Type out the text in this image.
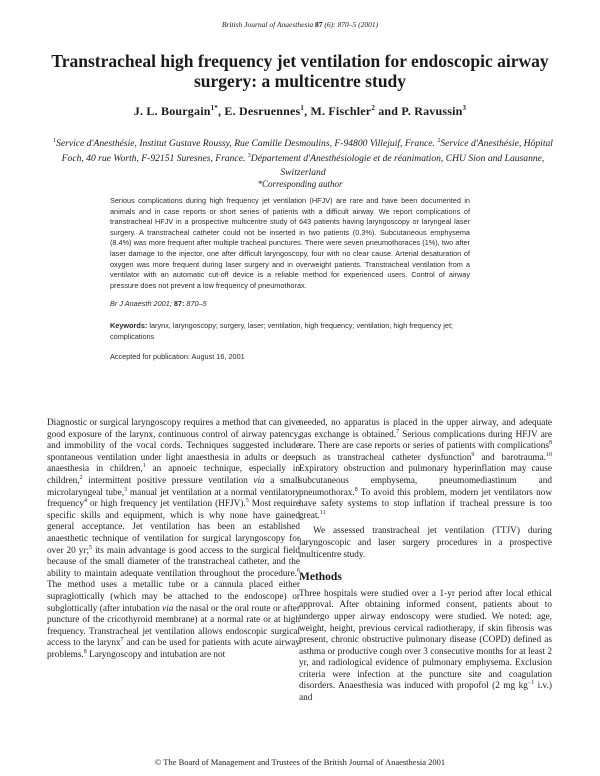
British Journal of Anaesthesia 87 (6): 870–5 (2001)
Transtracheal high frequency jet ventilation for endoscopic airway surgery: a multicentre study
J. L. Bourgain$^{1*}$, E. Desruennes$^1$, M. Fischler$^2$ and P. Ravussin$^3$
$^1$Service d'Anesthésie, Institut Gustave Roussy, Rue Camille Desmoulins, F-94800 Villejuif, France. $^2$Service d'Anesthésie, Hôpital Foch, 40 rue Worth, F-92151 Suresnes, France. $^3$Département d'Anesthésiologie et de réanimation, CHU Sion and Lausanne, Switzerland
*Corresponding author

Serious complications during high frequency jet ventilation (HFJV) are rare and have been documented in animals and in case reports or short series of patients with a difficult airway. We report complications of transtracheal HFJV in a prospective multicentre study of 643 patients having laryngoscopy or laryngeal laser surgery. A transtracheal catheter could not be inserted in two patients (0.3%). Subcutaneous emphysema (8.4%) was more frequent after multiple tracheal punctures. There were seven pneumothoraces (1%), two after laser damage to the injector, one after difficult laryngoscopy, four with no clear cause. Arterial desaturation of oxygen was more frequent during laser surgery and in overweight patients. Transtracheal ventilation from a ventilator with an automatic cut-off device is a reliable method for experienced users. Control of airway pressure does not prevent a low frequency of pneumothorax.

Br J Anaesth 2001; 87: 870–5

Keywords: larynx, laryngoscopy; surgery, laser; ventilation, high frequency; ventilation, high frequency jet; complications

Accepted for publication: August 16, 2001

Diagnostic or surgical laryngoscopy requires a method that can give good exposure of the larynx, continuous control of airway patency, and immobility of the vocal cords. Techniques suggested include spontaneous ventilation under light anaesthesia in adults or deep anaesthesia in children,$^1$ an apnoeic technique, especially in children,$^2$ intermittent positive pressure ventilation via a small microlaryngeal tube,$^3$ manual jet ventilation at a normal ventilatory frequency$^4$ or high frequency jet ventilation (HFJV).$^5$ Most require specific skills and equipment, which is why none have gained general acceptance. Jet ventilation has been an established anaesthetic technique of ventilation for surgical laryngoscopy for over 20 yr;$^5$ its main advantage is good access to the surgical field because of the small diameter of the transtracheal catheter, and the ability to maintain adequate ventilation throughout the procedure.$^6$ The method uses a metallic tube or a cannula placed either supraglottically (which may be attached to the endoscope) or subglottically (after intubation via the nasal or the oral route or after puncture of the cricothyroid membrane) at a normal rate or at high frequency. Transtracheal jet ventilation allows endoscopic surgical access to the larynx$^7$ and can be used for patients with acute airway problems.$^8$ Laryngoscopy and intubation are not

needed, no apparatus is placed in the upper airway, and adequate gas exchange is obtained.$^7$ Serious complications during HFJV are rare. There are case reports or series of patients with complications$^8$ such as transtracheal catheter dysfunction$^9$ and barotrauma.$^{10}$ Expiratory obstruction and pulmonary hyperinflation may cause subcutaneous emphysema, pneumomediastinum and pneumothorax.$^8$ To avoid this problem, modern jet ventilators now have safety systems to stop inflation if tracheal pressure is too great.$^{11}$

We assessed transtracheal jet ventilation (TTJV) during laryngoscopic and laser surgery procedures in a prospective multicentre study.

Methods

Three hospitals were studied over a 1-yr period after local ethical approval. After obtaining informed consent, patients about to undergo upper airway endoscopy were studied. We noted: age, weight, height, previous cervical radiotherapy, if skin fibrosis was present, chronic obstructive pulmonary disease (COPD) defined as asthma or productive cough over 3 consecutive months for at least 2 yr, and radiological evidence of pulmonary emphysema. Exclusion criteria were infection at the puncture site and coagulation disorders. Anaesthesia was induced with propofol (2 mg $kg^{-1}$ i.v.) and

© The Board of Management and Trustees of the British Journal of Anaesthesia 2001
